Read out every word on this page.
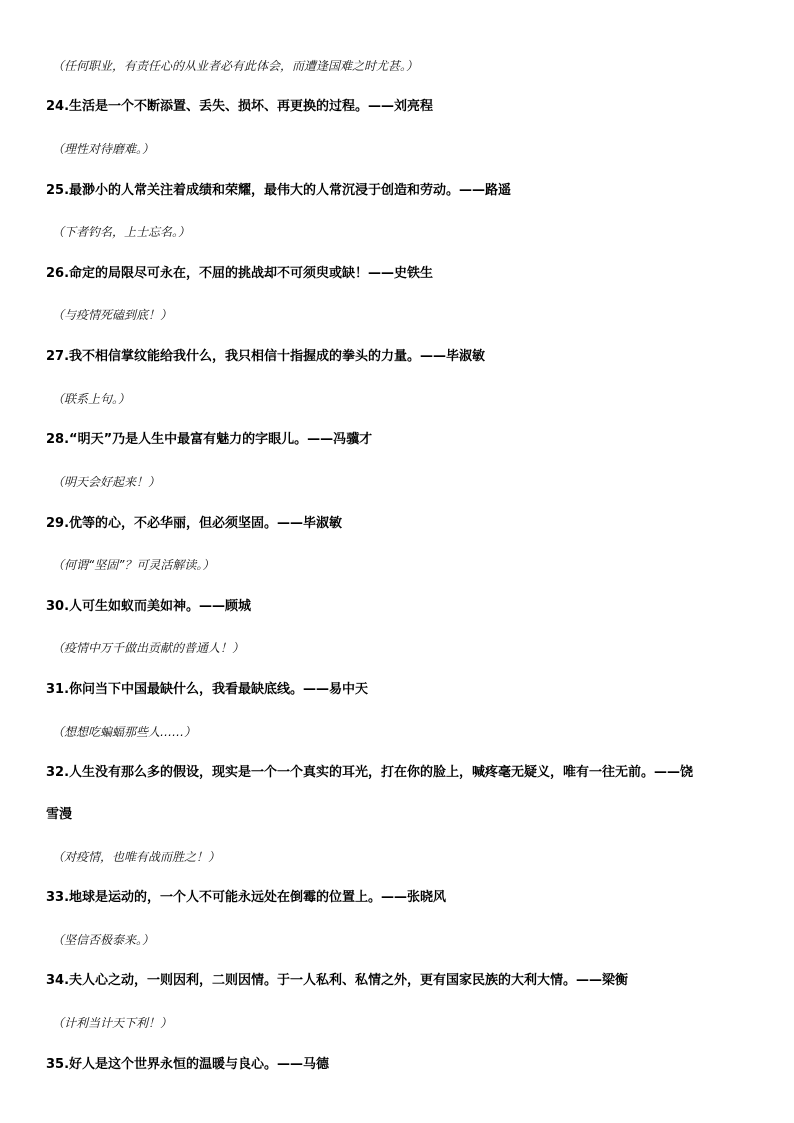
（任何职业，有责任心的从业者必有此体会，而遭逢国难之时尤甚。）
24.生活是一个不断添置、丢失、损坏、再更换的过程。——刘亮程
（理性对待磨难。）
25.最渺小的人常关注着成绩和荣耀，最伟大的人常沉浸于创造和劳动。——路遥
（下者钓名，上士忘名。）
26.命定的局限尽可永在，不屈的挑战却不可须臾或缺！——史铁生
（与疫情死磕到底！）
27.我不相信掌纹能给我什么，我只相信十指握成的拳头的力量。——毕淑敏
（联系上句。）
28.“明天”乃是人生中最富有魅力的字眼儿。——冯骥才
（明天会好起来！）
29.优等的心，不必华丽，但必须坚固。——毕淑敏
（何谓“坚固”？可灵活解读。）
30.人可生如蚁而美如神。——顾城
（疫情中万千做出贡献的普通人！）
31.你问当下中国最缺什么，我看最缺底线。——易中天
（想想吃蝙蝠那些人……）
32.人生没有那么多的假设，现实是一个一个真实的耳光，打在你的脸上，喊疼毫无疑义，唯有一往无前。——饶
雪漫
（对疫情，也唯有战而胜之！）
33.地球是运动的，一个人不可能永远处在倒霉的位置上。——张晓风
（坚信否极泰来。）
34.夫人心之动，一则因利，二则因情。于一人私利、私情之外，更有国家民族的大利大情。——梁衡
（计利当计天下利！）
35.好人是这个世界永恒的温暖与良心。——马德
